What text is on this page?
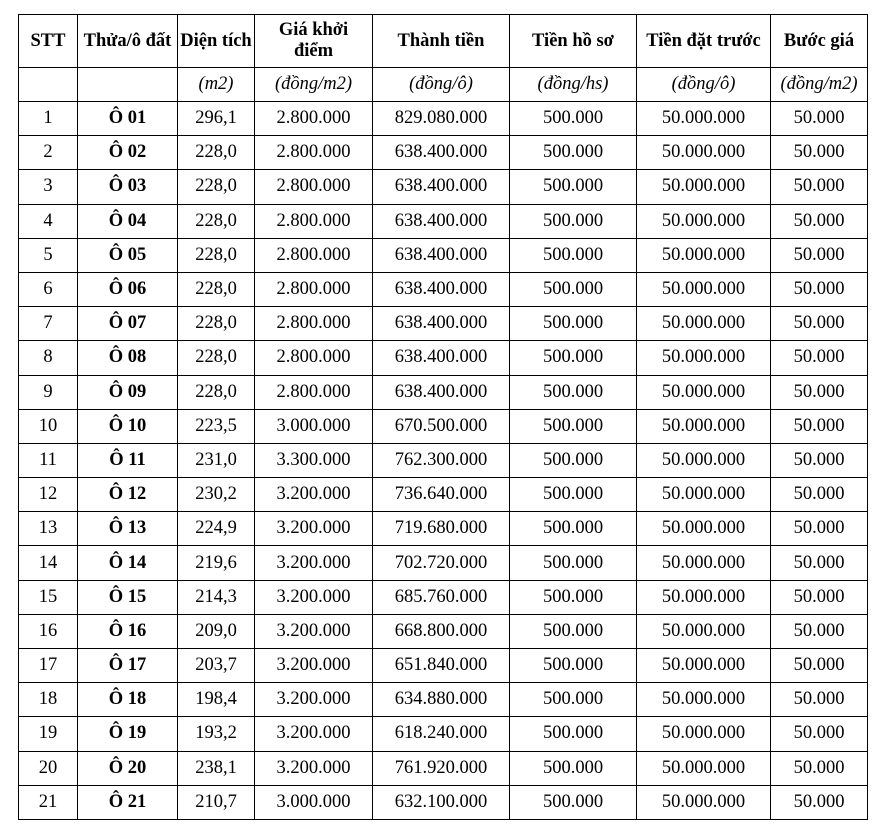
STT	Thửa/ô đất	Diện tích	Giá khởi điểm	Thành tiền	Tiền hồ sơ	Tiền đặt trước	Bước giá
		(m2)	(đồng/m2)	(đồng/ô)	(đồng/hs)	(đồng/ô)	(đồng/m2)
1	Ô 01	296,1	2.800.000	829.080.000	500.000	50.000.000	50.000
2	Ô 02	228,0	2.800.000	638.400.000	500.000	50.000.000	50.000
3	Ô 03	228,0	2.800.000	638.400.000	500.000	50.000.000	50.000
4	Ô 04	228,0	2.800.000	638.400.000	500.000	50.000.000	50.000
5	Ô 05	228,0	2.800.000	638.400.000	500.000	50.000.000	50.000
6	Ô 06	228,0	2.800.000	638.400.000	500.000	50.000.000	50.000
7	Ô 07	228,0	2.800.000	638.400.000	500.000	50.000.000	50.000
8	Ô 08	228,0	2.800.000	638.400.000	500.000	50.000.000	50.000
9	Ô 09	228,0	2.800.000	638.400.000	500.000	50.000.000	50.000
10	Ô 10	223,5	3.000.000	670.500.000	500.000	50.000.000	50.000
11	Ô 11	231,0	3.300.000	762.300.000	500.000	50.000.000	50.000
12	Ô 12	230,2	3.200.000	736.640.000	500.000	50.000.000	50.000
13	Ô 13	224,9	3.200.000	719.680.000	500.000	50.000.000	50.000
14	Ô 14	219,6	3.200.000	702.720.000	500.000	50.000.000	50.000
15	Ô 15	214,3	3.200.000	685.760.000	500.000	50.000.000	50.000
16	Ô 16	209,0	3.200.000	668.800.000	500.000	50.000.000	50.000
17	Ô 17	203,7	3.200.000	651.840.000	500.000	50.000.000	50.000
18	Ô 18	198,4	3.200.000	634.880.000	500.000	50.000.000	50.000
19	Ô 19	193,2	3.200.000	618.240.000	500.000	50.000.000	50.000
20	Ô 20	238,1	3.200.000	761.920.000	500.000	50.000.000	50.000
21	Ô 21	210,7	3.000.000	632.100.000	500.000	50.000.000	50.000
